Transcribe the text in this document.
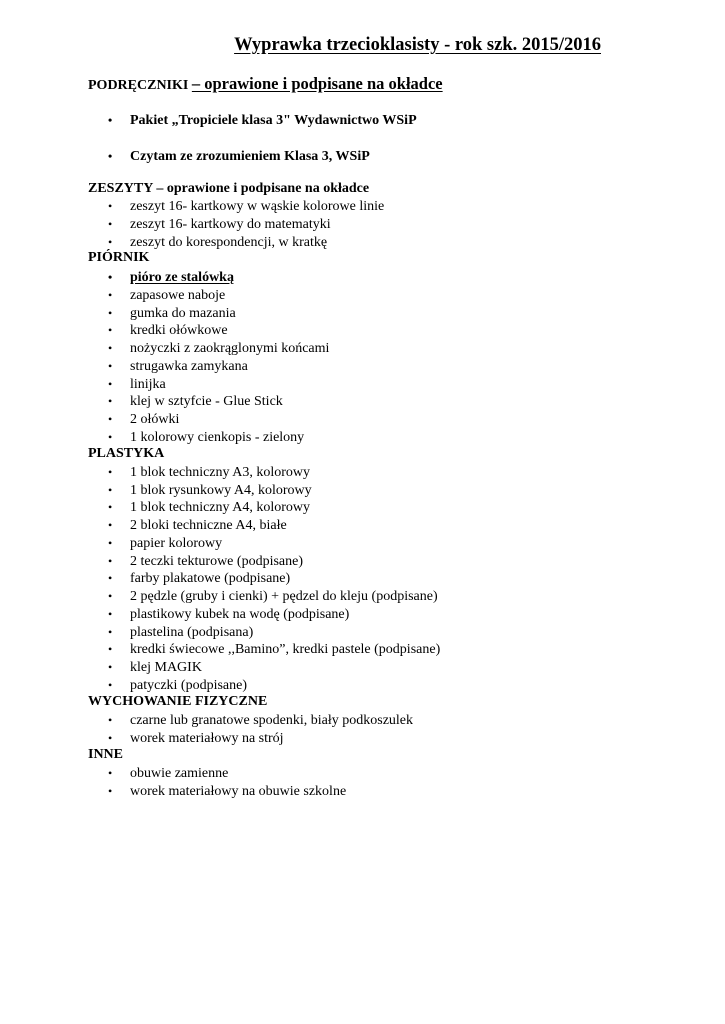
Wyprawka trzecioklasisty - rok szk. 2015/2016
PODRĘCZNIKI – oprawione i podpisane na okładce
• Pakiet „Tropiciele klasa 3" Wydawnictwo WSiP
• Czytam ze zrozumieniem Klasa 3, WSiP
ZESZYTY – oprawione i podpisane na okładce
• zeszyt 16- kartkowy w wąskie kolorowe linie
• zeszyt 16- kartkowy do matematyki
• zeszyt do korespondencji, w kratkę
PIÓRNIK
• pióro ze stalówką
• zapasowe naboje
• gumka do mazania
• kredki ołówkowe
• nożyczki z zaokrąglonymi końcami
• strugawka zamykana
• linijka
• klej w sztyfcie - Glue Stick
• 2 ołówki
• 1 kolorowy cienkopis - zielony
PLASTYKA
• 1 blok techniczny A3, kolorowy
• 1 blok rysunkowy A4, kolorowy
• 1 blok techniczny A4, kolorowy
• 2 bloki techniczne A4, białe
• papier kolorowy
• 2 teczki tekturowe (podpisane)
• farby plakatowe (podpisane)
• 2 pędzle (gruby i cienki) + pędzel do kleju (podpisane)
• plastikowy kubek na wodę (podpisane)
• plastelina (podpisana)
• kredki świecowe ,,Bamino”, kredki pastele (podpisane)
• klej MAGIK
• patyczki (podpisane)
WYCHOWANIE FIZYCZNE
• czarne lub granatowe spodenki, biały podkoszulek
• worek materiałowy na strój
INNE
• obuwie zamienne
• worek materiałowy na obuwie szkolne
